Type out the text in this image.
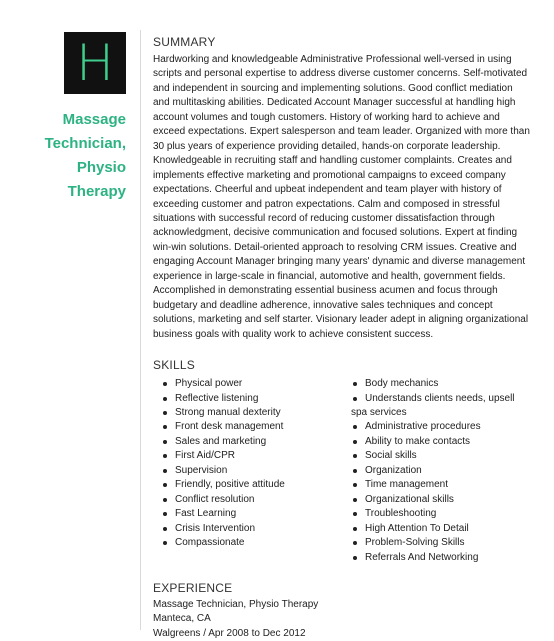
H
Massage
Technician,
Physio
Therapy
SUMMARY

Hardworking and knowledgeable Administrative Professional well-versed in using scripts and personal expertise to address diverse customer concerns. Self-motivated and independent in sourcing and implementing solutions. Good conflict mediation and multitasking abilities. Dedicated Account Manager successful at handling high account volumes and tough customers. History of working hard to achieve and exceed expectations. Expert salesperson and team leader. Organized with more than 30 plus years of experience providing detailed, hands-on corporate leadership. Knowledgeable in recruiting staff and handling customer complaints. Creates and implements effective marketing and promotional campaigns to exceed company expectations. Cheerful and upbeat independent and team player with history of exceeding customer and patron expectations. Calm and composed in stressful situations with successful record of reducing customer dissatisfaction through acknowledgment, decisive communication and focused solutions. Expert at finding win-win solutions. Detail-oriented approach to resolving CRM issues. Creative and engaging Account Manager bringing many years' dynamic and diverse management experience in large-scale in financial, automotive and health, government fields. Accomplished in demonstrating essential business acumen and focus through budgetary and deadline adherence, innovative sales techniques and concept solutions, marketing and self starter. Visionary leader adept in aligning organizational business goals with quality work to achieve consistent success.

SKILLS
Physical power
Reflective listening
Strong manual dexterity
Front desk management
Sales and marketing
First Aid/CPR
Supervision
Friendly, positive attitude
Conflict resolution
Fast Learning
Crisis Intervention
Compassionate
Body mechanics
Understands clients needs, upsell
spa services
Administrative procedures
Ability to make contacts
Social skills
Organization
Time management
Organizational skills
Troubleshooting
High Attention To Detail
Problem-Solving Skills
Referrals And Networking
EXPERIENCE
Massage Technician, Physio Therapy
Manteca, CA
Walgreens / Apr 2008 to Dec 2012
